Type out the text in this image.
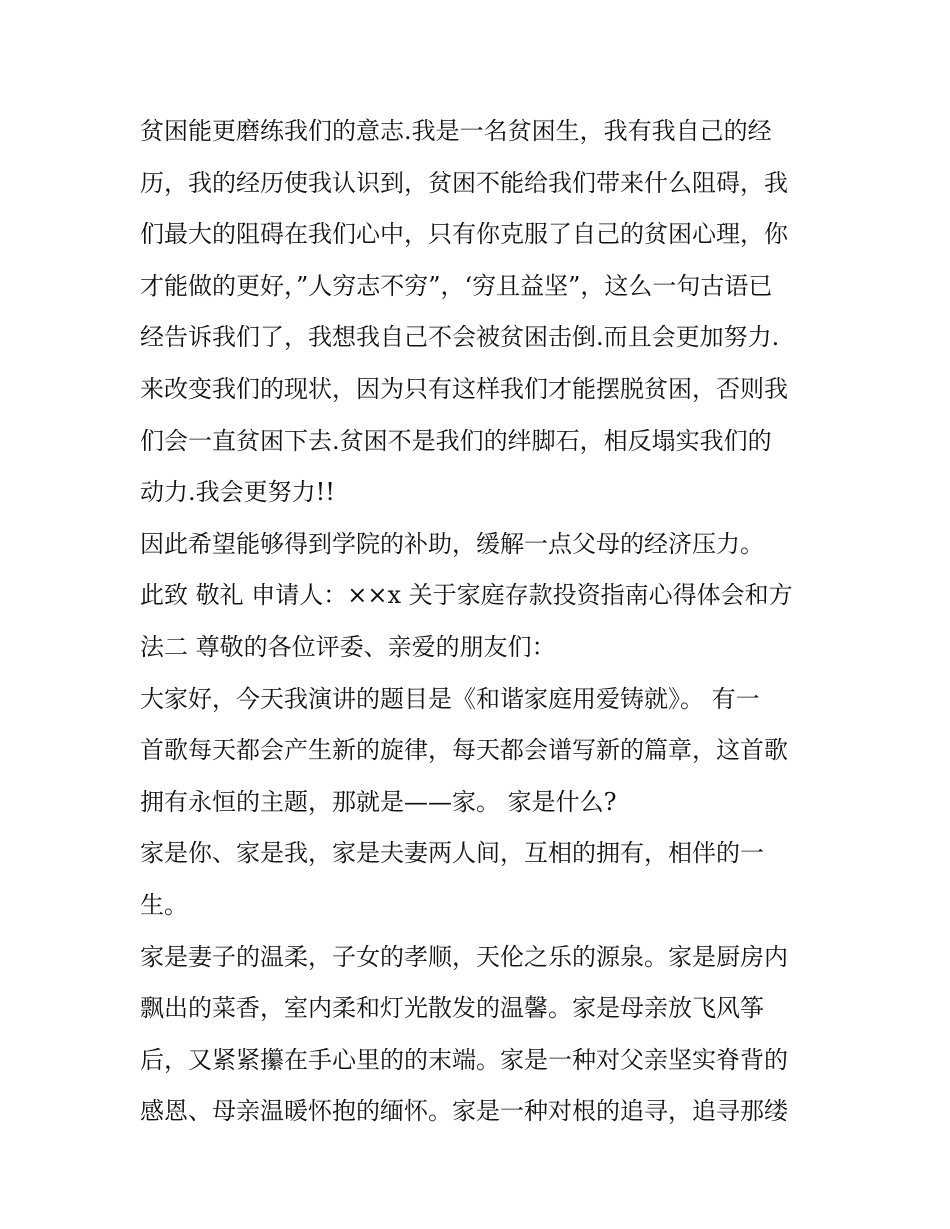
贫困能更磨练我们的意志.我是一名贫困生，我有我自己的经
历，我的经历使我认识到，贫困不能给我们带来什么阻碍，我
们最大的阻碍在我们心中，只有你克服了自己的贫困心理，你
才能做的更好，”人穷志不穷”，‘穷且益坚”，这么一句古语已
经告诉我们了，我想我自己不会被贫困击倒.而且会更加努力.
来改变我们的现状，因为只有这样我们才能摆脱贫困，否则我
们会一直贫困下去.贫困不是我们的绊脚石，相反塌实我们的
动力.我会更努力!!
因此希望能够得到学院的补助，缓解一点父母的经济压力。
此致 敬礼 申请人：××x 关于家庭存款投资指南心得体会和方
法二 尊敬的各位评委、亲爱的朋友们：
大家好，今天我演讲的题目是《和谐家庭用爱铸就》。 有一
首歌每天都会产生新的旋律，每天都会谱写新的篇章，这首歌
拥有永恒的主题，那就是——家。 家是什么?
家是你、家是我，家是夫妻两人间，互相的拥有，相伴的一
生。
家是妻子的温柔，子女的孝顺，天伦之乐的源泉。家是厨房内
飘出的菜香，室内柔和灯光散发的温馨。家是母亲放飞风筝
后，又紧紧攥在手心里的的末端。家是一种对父亲坚实脊背的
感恩、母亲温暖怀抱的缅怀。家是一种对根的追寻，追寻那缕
